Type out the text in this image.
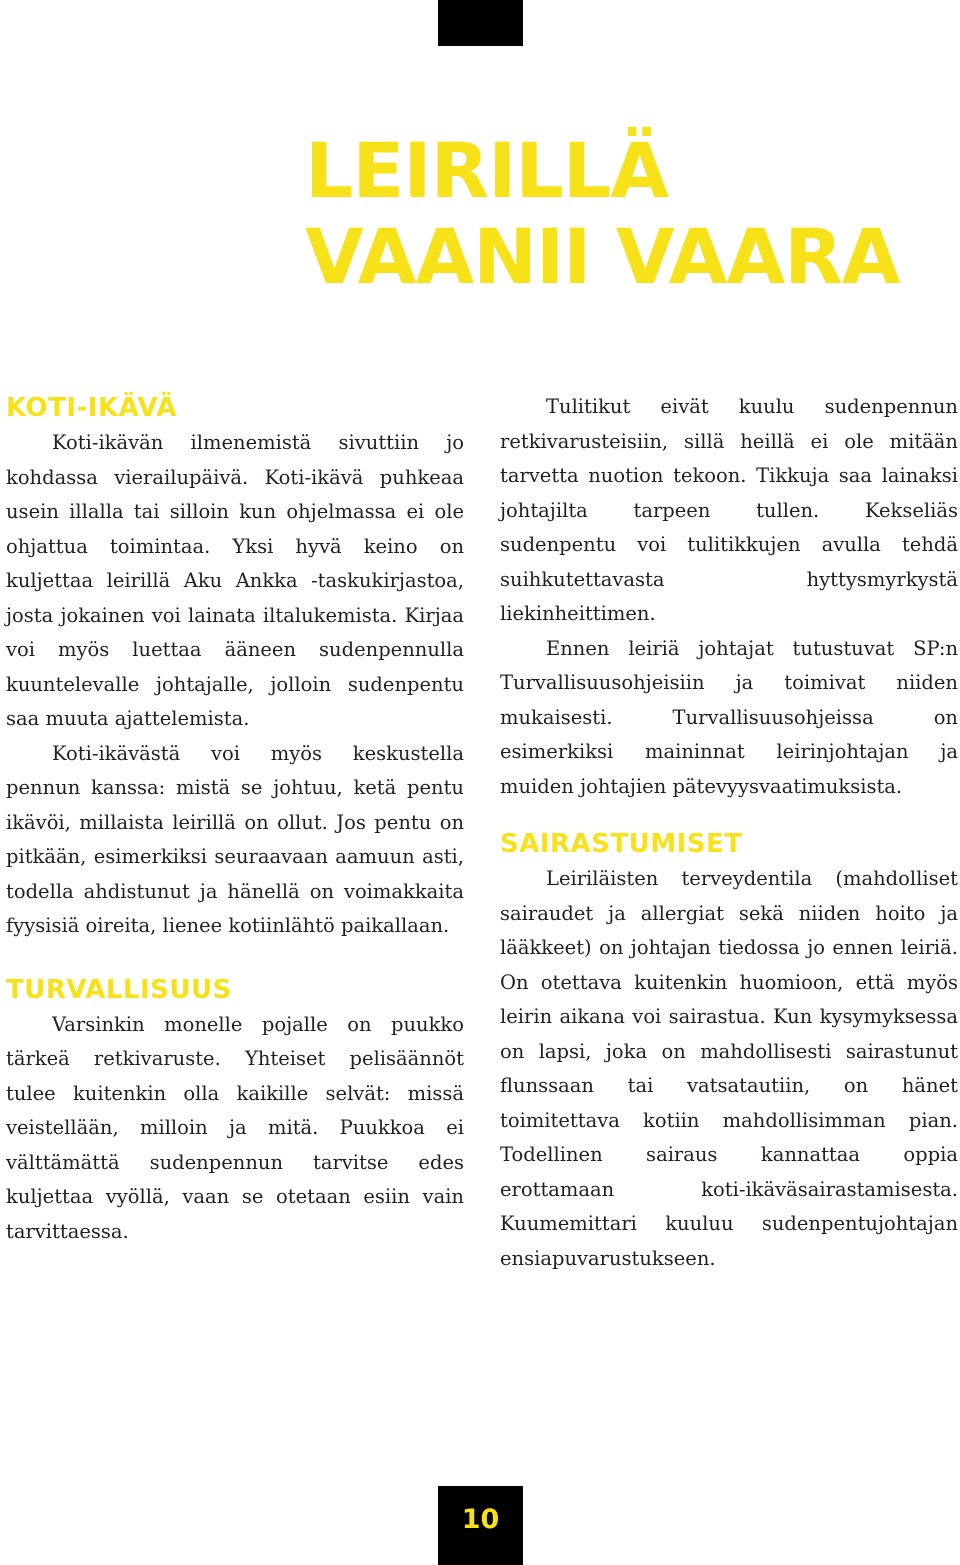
LEIRILLÄ
VAANII VAARA
KOTI-IKÄVÄ

Koti-ikävän ilmenemistä sivuttiin jo kohdassa vierailupäivä. Koti-ikävä puhkeaa usein illalla tai silloin kun ohjelmassa ei ole ohjattua toimintaa. Yksi hyvä keino on kuljettaa leirillä Aku Ankka -taskukirjastoa, josta jokainen voi lainata iltalukemista. Kirjaa voi myös luettaa ääneen sudenpennulla kuuntelevalle johtajalle, jolloin sudenpentu saa muuta ajattelemista.

Koti-ikävästä voi myös keskustella pennun kanssa: mistä se johtuu, ketä pentu ikävöi, millaista leirillä on ollut. Jos pentu on pitkään, esimerkiksi seuraavaan aamuun asti, todella ahdistunut ja hänellä on voimakkaita fyysisiä oireita, lienee kotiinlähtö paikallaan.

TURVALLISUUS

Varsinkin monelle pojalle on puukko tärkeä retkivaruste. Yhteiset pelisäännöt tulee kuitenkin olla kaikille selvät: missä veistellään, milloin ja mitä. Puukkoa ei välttämättä sudenpennun tarvitse edes kuljettaa vyöllä, vaan se otetaan esiin vain tarvittaessa.

Tulitikut eivät kuulu sudenpennun retkivarusteisiin, sillä heillä ei ole mitään tarvetta nuotion tekoon. Tikkuja saa lainaksi johtajilta tarpeen tullen. Kekseliäs sudenpentu voi tulitikkujen avulla tehdä suihkutettavasta hyttysmyrkystä liekinheittimen.

Ennen leiriä johtajat tutustuvat SP:n Turvallisuusohjeisiin ja toimivat niiden mukaisesti. Turvallisuusohjeissa on esimerkiksi maininnat leirinjohtajan ja muiden johtajien pätevyysvaatimuksista.

SAIRASTUMISET

Leiriläisten terveydentila (mahdolliset sairaudet ja allergiat sekä niiden hoito ja lääkkeet) on johtajan tiedossa jo ennen leiriä. On otettava kuitenkin huomioon, että myös leirin aikana voi sairastua. Kun kysymyksessa on lapsi, joka on mahdollisesti sairastunut flunssaan tai vatsatautiin, on hänet toimitettava kotiin mahdollisimman pian. Todellinen sairaus kannattaa oppia erottamaan koti-ikäväsairastamisesta. Kuumemittari kuuluu sudenpentujohtajan ensiapuvarustukseen.

10
